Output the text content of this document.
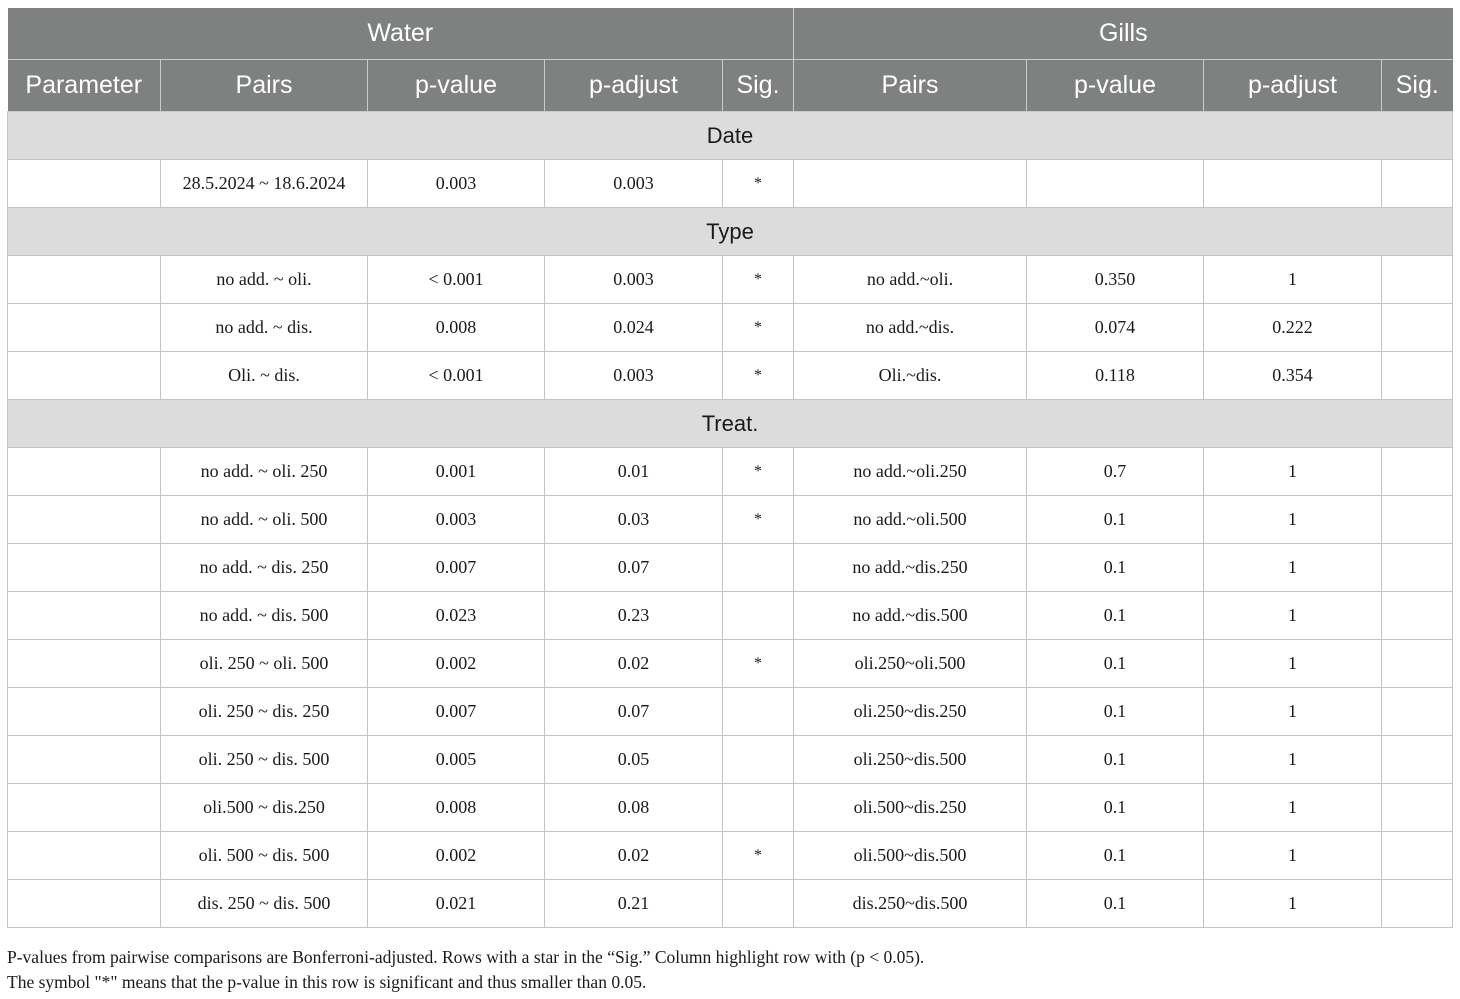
Water					Gills			
Parameter	Pairs	p-value	p-adjust	Sig.	Pairs	p-value	p-adjust	Sig.
Date								
	28.5.2024 ~ 18.6.2024	0.003	0.003	*				
Type								
	no add. ~ oli.	< 0.001	0.003	*	no add.~oli.	0.350	1	
	no add. ~ dis.	0.008	0.024	*	no add.~dis.	0.074	0.222	
	Oli. ~ dis.	< 0.001	0.003	*	Oli.~dis.	0.118	0.354	
Treat.								
	no add. ~ oli. 250	0.001	0.01	*	no add.~oli.250	0.7	1	
	no add. ~ oli. 500	0.003	0.03	*	no add.~oli.500	0.1	1	
	no add. ~ dis. 250	0.007	0.07		no add.~dis.250	0.1	1	
	no add. ~ dis. 500	0.023	0.23		no add.~dis.500	0.1	1	
	oli. 250 ~ oli. 500	0.002	0.02	*	oli.250~oli.500	0.1	1	
	oli. 250 ~ dis. 250	0.007	0.07		oli.250~dis.250	0.1	1	
	oli. 250 ~ dis. 500	0.005	0.05		oli.250~dis.500	0.1	1	
	oli.500 ~ dis.250	0.008	0.08		oli.500~dis.250	0.1	1	
	oli. 500 ~ dis. 500	0.002	0.02	*	oli.500~dis.500	0.1	1	
	dis. 250 ~ dis. 500	0.021	0.21		dis.250~dis.500	0.1	1	

P-values from pairwise comparisons are Bonferroni-adjusted. Rows with a star in the “Sig.” Column highlight row with (p < 0.05).

The symbol "*" means that the p-value in this row is significant and thus smaller than 0.05.
